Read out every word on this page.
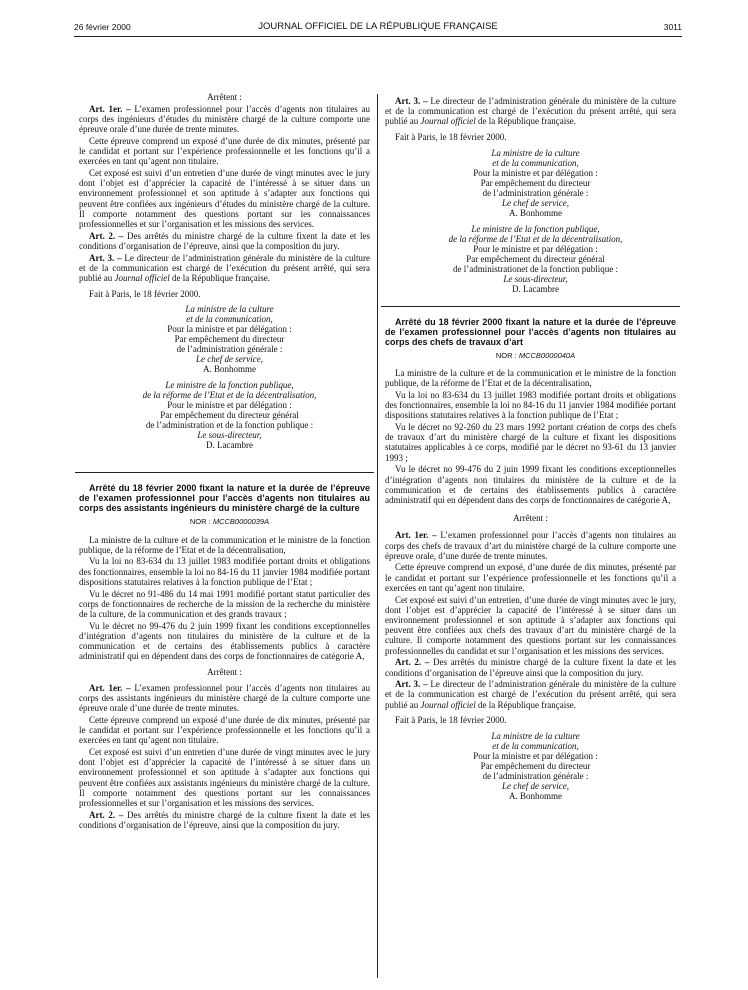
26 février 2000	JOURNAL OFFICIEL DE LA RÉPUBLIQUE FRANÇAISE	3011

Arrêtent :

Art. 1er. – L’examen professionnel pour l’accès d’agents non titulaires au corps des ingénieurs d’études du ministère chargé de la culture comporte une épreuve orale d’une durée de trente minutes.

Cette épreuve comprend un exposé d’une durée de dix minutes, présenté par le candidat et portant sur l’expérience professionnelle et les fonctions qu’il a exercées en tant qu’agent non titulaire.

Cet exposé est suivi d’un entretien d’une durée de vingt minutes avec le jury dont l’objet est d’apprécier la capacité de l’intéressé à se situer dans un environnement professionnel et son aptitude à s’adapter aux fonctions qui peuvent être confiées aux ingénieurs d’études du ministère chargé de la culture. Il comporte notamment des questions portant sur les connaissances professionnelles et sur l’organisation et les missions des services.

Art. 2. – Des arrêtés du ministre chargé de la culture fixent la date et les conditions d’organisation de l’épreuve, ainsi que la composition du jury.

Art. 3. – Le directeur de l’administration générale du ministère de la culture et de la communication est chargé de l’exécution du présent arrêté, qui sera publié au Journal officiel de la République française.

Fait à Paris, le 18 février 2000.

La ministre de la culture

et de la communication,

Pour la ministre et par délégation :

Par empêchement du directeur

de l’administration générale :

Le chef de service,

A. Bonhomme

Le ministre de la fonction publique,

de la réforme de l’Etat et de la décentralisation,

Pour le ministre et par délégation :

Par empêchement du directeur général

de l’administration et de la fonction publique :

Le sous-directeur,

D. Lacambre

Arrêté du 18 février 2000 fixant la nature et la durée de l’épreuve de l’examen professionnel pour l’accès d’agents non titulaires au corps des assistants ingénieurs du ministère chargé de la culture

NOR : MCCB0000039A

La ministre de la culture et de la communication et le ministre de la fonction publique, de la réforme de l’Etat et de la décentralisation,

Vu la loi no 83-634 du 13 juillet 1983 modifiée portant droits et obligations des fonctionnaires, ensemble la loi no 84-16 du 11 janvier 1984 modifiée portant dispositions statutaires relatives à la fonction publique de l’Etat ;

Vu le décret no 91-486 du 14 mai 1991 modifié portant statut particulier des corps de fonctionnaires de recherche de la mission de la recherche du ministère de la culture, de la communication et des grands travaux ;

Vu le décret no 99-476 du 2 juin 1999 fixant les conditions exceptionnelles d’intégration d’agents non titulaires du ministère de la culture et de la communication et de certains des établissements publics à caractère administratif qui en dépendent dans des corps de fonctionnaires de catégorie A,

Arrêtent :

Art. 1er. – L’examen professionnel pour l’accès d’agents non titulaires au corps des assistants ingénieurs du ministère chargé de la culture comporte une épreuve orale d’une durée de trente minutes.

Cette épreuve comprend un exposé d’une durée de dix minutes, présenté par le candidat et portant sur l’expérience professionnelle et les fonctions qu’il a exercées en tant qu’agent non titulaire.

Cet exposé est suivi d’un entretien d’une durée de vingt minutes avec le jury dont l’objet est d’apprécier la capacité de l’intéressé à se situer dans un environnement professionnel et son aptitude à s’adapter aux fonctions qui peuvent être confiées aux assistants ingénieurs du ministère chargé de la culture. Il comporte notamment des questions portant sur les connaissances professionnelles et sur l’organisation et les missions des services.

Art. 2. – Des arrêtés du ministre chargé de la culture fixent la date et les conditions d’organisation de l’épreuve, ainsi que la composition du jury.

Art. 3. – Le directeur de l’administration générale du ministère de la culture et de la communication est chargé de l’exécution du présent arrêté, qui sera publié au Journal officiel de la République française.

Fait à Paris, le 18 février 2000.

La ministre de la culture

et de la communication,

Pour la ministre et par délégation :

Par empêchement du directeur

de l’administration générale :

Le chef de service,

A. Bonhomme

Le ministre de la fonction publique,

de la réforme de l’Etat et de la décentralisation,

Pour le ministre et par délégation :

Par empêchement du directeur général

de l’administrationet de la fonction publique :

Le sous-directeur,

D. Lacambre

Arrêté du 18 février 2000 fixant la nature et la durée de l’épreuve de l’examen professionnel pour l’accès d’agents non titulaires au corps des chefs de travaux d’art

NOR : MCCB0000040A

La ministre de la culture et de la communication et le ministre de la fonction publique, de la réforme de l’Etat et de la décentralisation,

Vu la loi no 83-634 du 13 juillet 1983 modifiée portant droits et obligations des fonctionnaires, ensemble la loi no 84-16 du 11 janvier 1984 modifiée portant dispositions statutaires relatives à la fonction publique de l’Etat ;

Vu le décret no 92-260 du 23 mars 1992 portant création de corps des chefs de travaux d’art du ministère chargé de la culture et fixant les dispositions statutaires applicables à ce corps, modifié par le décret no 93-61 du 13 janvier 1993 ;

Vu le décret no 99-476 du 2 juin 1999 fixant les conditions exceptionnelles d’intégration d’agents non titulaires du ministère de la culture et de la communication et de certains des établissements publics à caractère administratif qui en dépendent dans des corps de fonctionnaires de catégorie A,

Arrêtent :

Art. 1er. – L’examen professionnel pour l’accès d’agents non titulaires au corps des chefs de travaux d’art du ministère chargé de la culture comporte une épreuve orale, d’une durée de trente minutes.

Cette épreuve comprend un exposé, d’une durée de dix minutes, présenté par le candidat et portant sur l’expérience professionnelle et les fonctions qu’il a exercées en tant qu’agent non titulaire.

Cet exposé est suivi d’un entretien, d’une durée de vingt minutes avec le jury, dont l’objet est d’apprécier la capacité de l’intéressé à se situer dans un environnement professionnel et son aptitude à s’adapter aux fonctions qui peuvent être confiées aux chefs des travaux d’art du ministère chargé de la culture. Il comporte notamment des questions portant sur les connaissances professionnelles du candidat et sur l’organisation et les missions des services.

Art. 2. – Des arrêtés du ministre chargé de la culture fixent la date et les conditions d’organisation de l’épreuve ainsi que la composition du jury.

Art. 3. – Le directeur de l’administration générale du ministère de la culture et de la communication est chargé de l’exécution du présent arrêté, qui sera publié au Journal officiel de la République française.

Fait à Paris, le 18 février 2000.

La ministre de la culture

et de la communication,

Pour la ministre et par délégation :

Par empêchement du directeur

de l’administration générale :

Le chef de service,

A. Bonhomme
